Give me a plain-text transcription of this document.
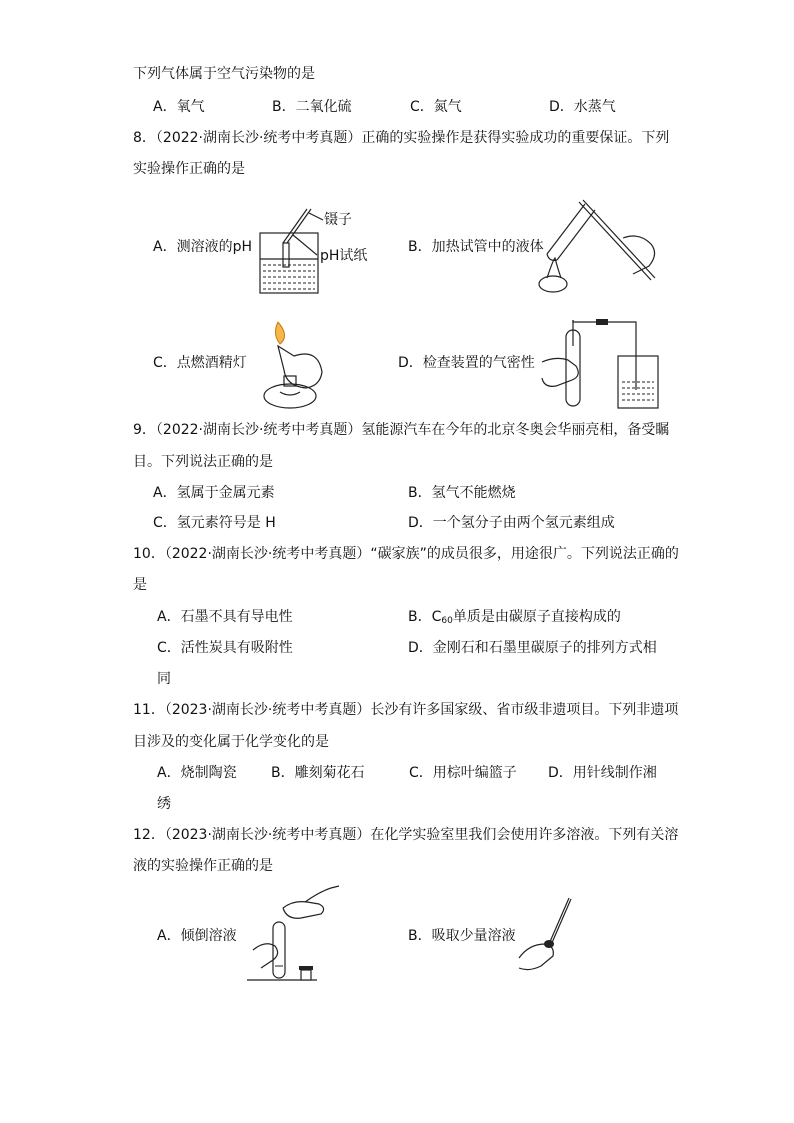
下列气体属于空气污染物的是
A．氧气	B．二氧化硫	C．氮气	D．水蒸气
8．（2022·湖南长沙·统考中考真题）正确的实验操作是获得实验成功的重要保证。下列
实验操作正确的是
A．测溶液的pH
镊子
pH试纸
B．加热试管中的液体
C．点燃酒精灯	D．检查装置的气密性
9．（2022·湖南长沙·统考中考真题）氢能源汽车在今年的北京冬奥会华丽亮相，备受瞩
目。下列说法正确的是
A．氢属于金属元素	B．氢气不能燃烧
C．氢元素符号是 H	D．一个氢分子由两个氢元素组成
10．（2022·湖南长沙·统考中考真题）“碳家族”的成员很多，用途很广。下列说法正确的
是
A．石墨不具有导电性	B．$C_{60}$单质是由碳原子直接构成的
C．活性炭具有吸附性	D．金刚石和石墨里碳原子的排列方式相
同
11．（2023·湖南长沙·统考中考真题）长沙有许多国家级、省市级非遗项目。下列非遗项
目涉及的变化属于化学变化的是
A．烧制陶瓷 B．雕刻菊花石	C．用棕叶编篮子 D．用针线制作湘
绣
12．（2023·湖南长沙·统考中考真题）在化学实验室里我们会使用许多溶液。下列有关溶
液的实验操作正确的是
A．倾倒溶液	B．吸取少量溶液
